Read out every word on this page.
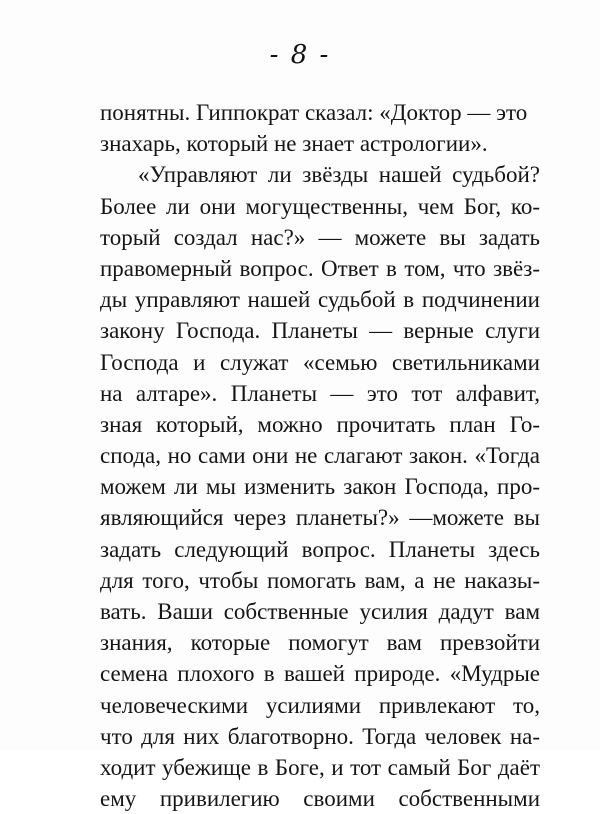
- 8 -
понятны. Гиппократ сказал: «Доктор — это
знахарь, который не знает астрологии».
«Управляют ли звёзды нашей судьбой?
Более ли они могущественны, чем Бог, ко-
торый создал нас?» — можете вы задать
правомерный вопрос. Ответ в том, что звёз-
ды управляют нашей судьбой в подчинении
закону Господа. Планеты — верные слуги
Господа и служат «семью светильниками
на алтаре». Планеты — это тот алфавит,
зная который, можно прочитать план Го-
спода, но сами они не слагают закон. «Тогда
можем ли мы изменить закон Господа, про-
являющийся через планеты?» —можете вы
задать следующий вопрос. Планеты здесь
для того, чтобы помогать вам, а не наказы-
вать. Ваши собственные усилия дадут вам
знания, которые помогут вам превзойти
семена плохого в вашей природе. «Мудрые
человеческими усилиями привлекают то,
что для них благотворно. Тогда человек на-
ходит убежище в Боге, и тот самый Бог даёт
ему привилегию своими собственными
